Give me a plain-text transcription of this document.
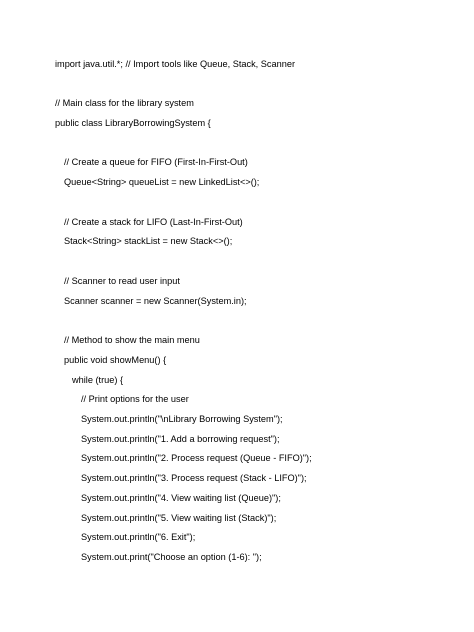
import java.util.*; // Import tools like Queue, Stack, Scanner
// Main class for the library system
public class LibraryBorrowingSystem {
// Create a queue for FIFO (First-In-First-Out)
Queue<String> queueList = new LinkedList<>();
// Create a stack for LIFO (Last-In-First-Out)
Stack<String> stackList = new Stack<>();
// Scanner to read user input
Scanner scanner = new Scanner(System.in);
// Method to show the main menu
public void showMenu() {
while (true) {
// Print options for the user
System.out.println("\nLibrary Borrowing System");
System.out.println("1. Add a borrowing request");
System.out.println("2. Process request (Queue - FIFO)");
System.out.println("3. Process request (Stack - LIFO)");
System.out.println("4. View waiting list (Queue)");
System.out.println("5. View waiting list (Stack)");
System.out.println("6. Exit");
System.out.print("Choose an option (1-6): ");
